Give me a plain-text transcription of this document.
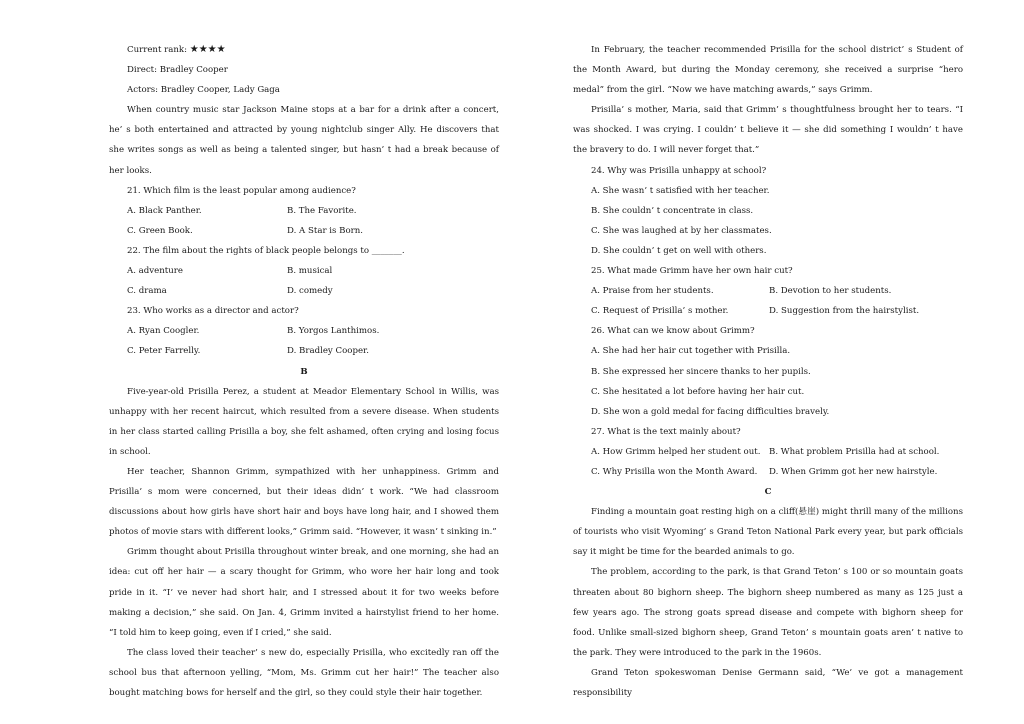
Current rank: ★★★★

Direct: Bradley Cooper

Actors: Bradley Cooper, Lady Gaga

When country music star Jackson Maine stops at a bar for a drink after a concert, he’ s both entertained and attracted by young nightclub singer Ally. He discovers that she writes songs as well as being a talented singer, but hasn’ t had a break because of her looks.

21. Which film is the least popular among audience?

A. Black Panther.	B. The Favorite.
C. Green Book.	D. A Star is Born.

22. The film about the rights of black people belongs to _______.

A. adventure	B. musical
C. drama	D. comedy

23. Who works as a director and actor?

A. Ryan Coogler.	B. Yorgos Lanthimos.
C. Peter Farrelly.	D. Bradley Cooper.

B

Five-year-old Prisilla Perez, a student at Meador Elementary School in Willis, was unhappy with her recent haircut, which resulted from a severe disease. When students in her class started calling Prisilla a boy, she felt ashamed, often crying and losing focus in school.

Her teacher, Shannon Grimm, sympathized with her unhappiness. Grimm and Prisilla’ s mom were concerned, but their ideas didn’ t work. “We had classroom discussions about how girls have short hair and boys have long hair, and I showed them photos of movie stars with different looks,” Grimm said. “However, it wasn’ t sinking in.”

Grimm thought about Prisilla throughout winter break, and one morning, she had an idea: cut off her hair — a scary thought for Grimm, who wore her hair long and took pride in it. “I’ ve never had short hair, and I stressed about it for two weeks before making a decision,” she said. On Jan. 4, Grimm invited a hairstylist friend to her home. “I told him to keep going, even if I cried,” she said.

The class loved their teacher’ s new do, especially Prisilla, who excitedly ran off the school bus that afternoon yelling, “Mom, Ms. Grimm cut her hair!” The teacher also bought matching bows for herself and the girl, so they could style their hair together.

In February, the teacher recommended Prisilla for the school district’ s Student of the Month Award, but during the Monday ceremony, she received a surprise “hero medal” from the girl. “Now we have matching awards,” says Grimm.

Prisilla’ s mother, Maria, said that Grimm’ s thoughtfulness brought her to tears. “I was shocked. I was crying. I couldn’ t believe it — she did something I wouldn’ t have the bravery to do. I will never forget that.”

24. Why was Prisilla unhappy at school?

A. She wasn’ t satisfied with her teacher.

B. She couldn’ t concentrate in class.

C. She was laughed at by her classmates.

D. She couldn’ t get on well with others.

25. What made Grimm have her own hair cut?

A. Praise from her students.	B. Devotion to her students.
C. Request of Prisilla’ s mother.	D. Suggestion from the hairstylist.

26. What can we know about Grimm?

A. She had her hair cut together with Prisilla.

B. She expressed her sincere thanks to her pupils.

C. She hesitated a lot before having her hair cut.

D. She won a gold medal for facing difficulties bravely.

27. What is the text mainly about?

A. How Grimm helped her student out. B. What problem Prisilla had at school.
C. Why Prisilla won the Month Award.	D. When Grimm got her new hairstyle.

C

Finding a mountain goat resting high on a cliff(悬崖) might thrill many of the millions of tourists who visit Wyoming’ s Grand Teton National Park every year, but park officials say it might be time for the bearded animals to go.

The problem, according to the park, is that Grand Teton’ s 100 or so mountain goats threaten about 80 bighorn sheep. The bighorn sheep numbered as many as 125 just a few years ago. The strong goats spread disease and compete with bighorn sheep for food. Unlike small-sized bighorn sheep, Grand Teton’ s mountain goats aren’ t native to the park. They were introduced to the park in the 1960s.

Grand Teton spokeswoman Denise Germann said, “We’ ve got a management responsibility
